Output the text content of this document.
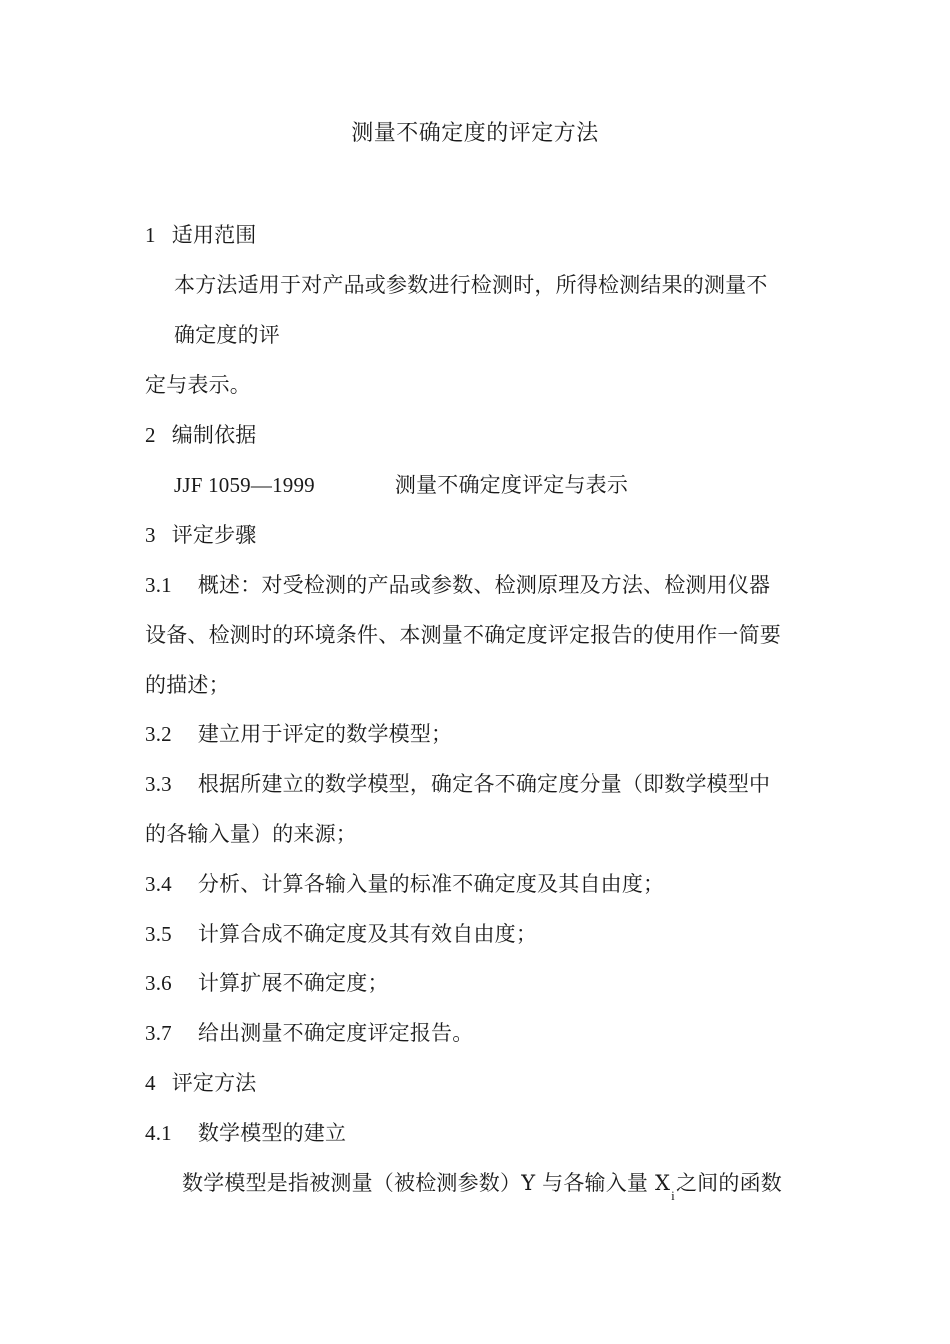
测量不确定度的评定方法
1 适用范围
本方法适用于对产品或参数进行检测时，所得检测结果的测量不
确定度的评
定与表示。
2 编制依据
JJF 1059—1999	测量不确定度评定与表示
3 评定步骤
3.1 概述：对受检测的产品或参数、检测原理及方法、检测用仪器
设备、检测时的环境条件、本测量不确定度评定报告的使用作一简要
的描述；
3.2 建立用于评定的数学模型；
3.3 根据所建立的数学模型，确定各不确定度分量（即数学模型中
的各输入量）的来源；
3.4 分析、计算各输入量的标准不确定度及其自由度；
3.5 计算合成不确定度及其有效自由度；
3.6 计算扩展不确定度；
3.7 给出测量不确定度评定报告。
4 评定方法
4.1 数学模型的建立
数学模型是指被测量（被检测参数）Y 与各输入量 $X_i$之间的函数
